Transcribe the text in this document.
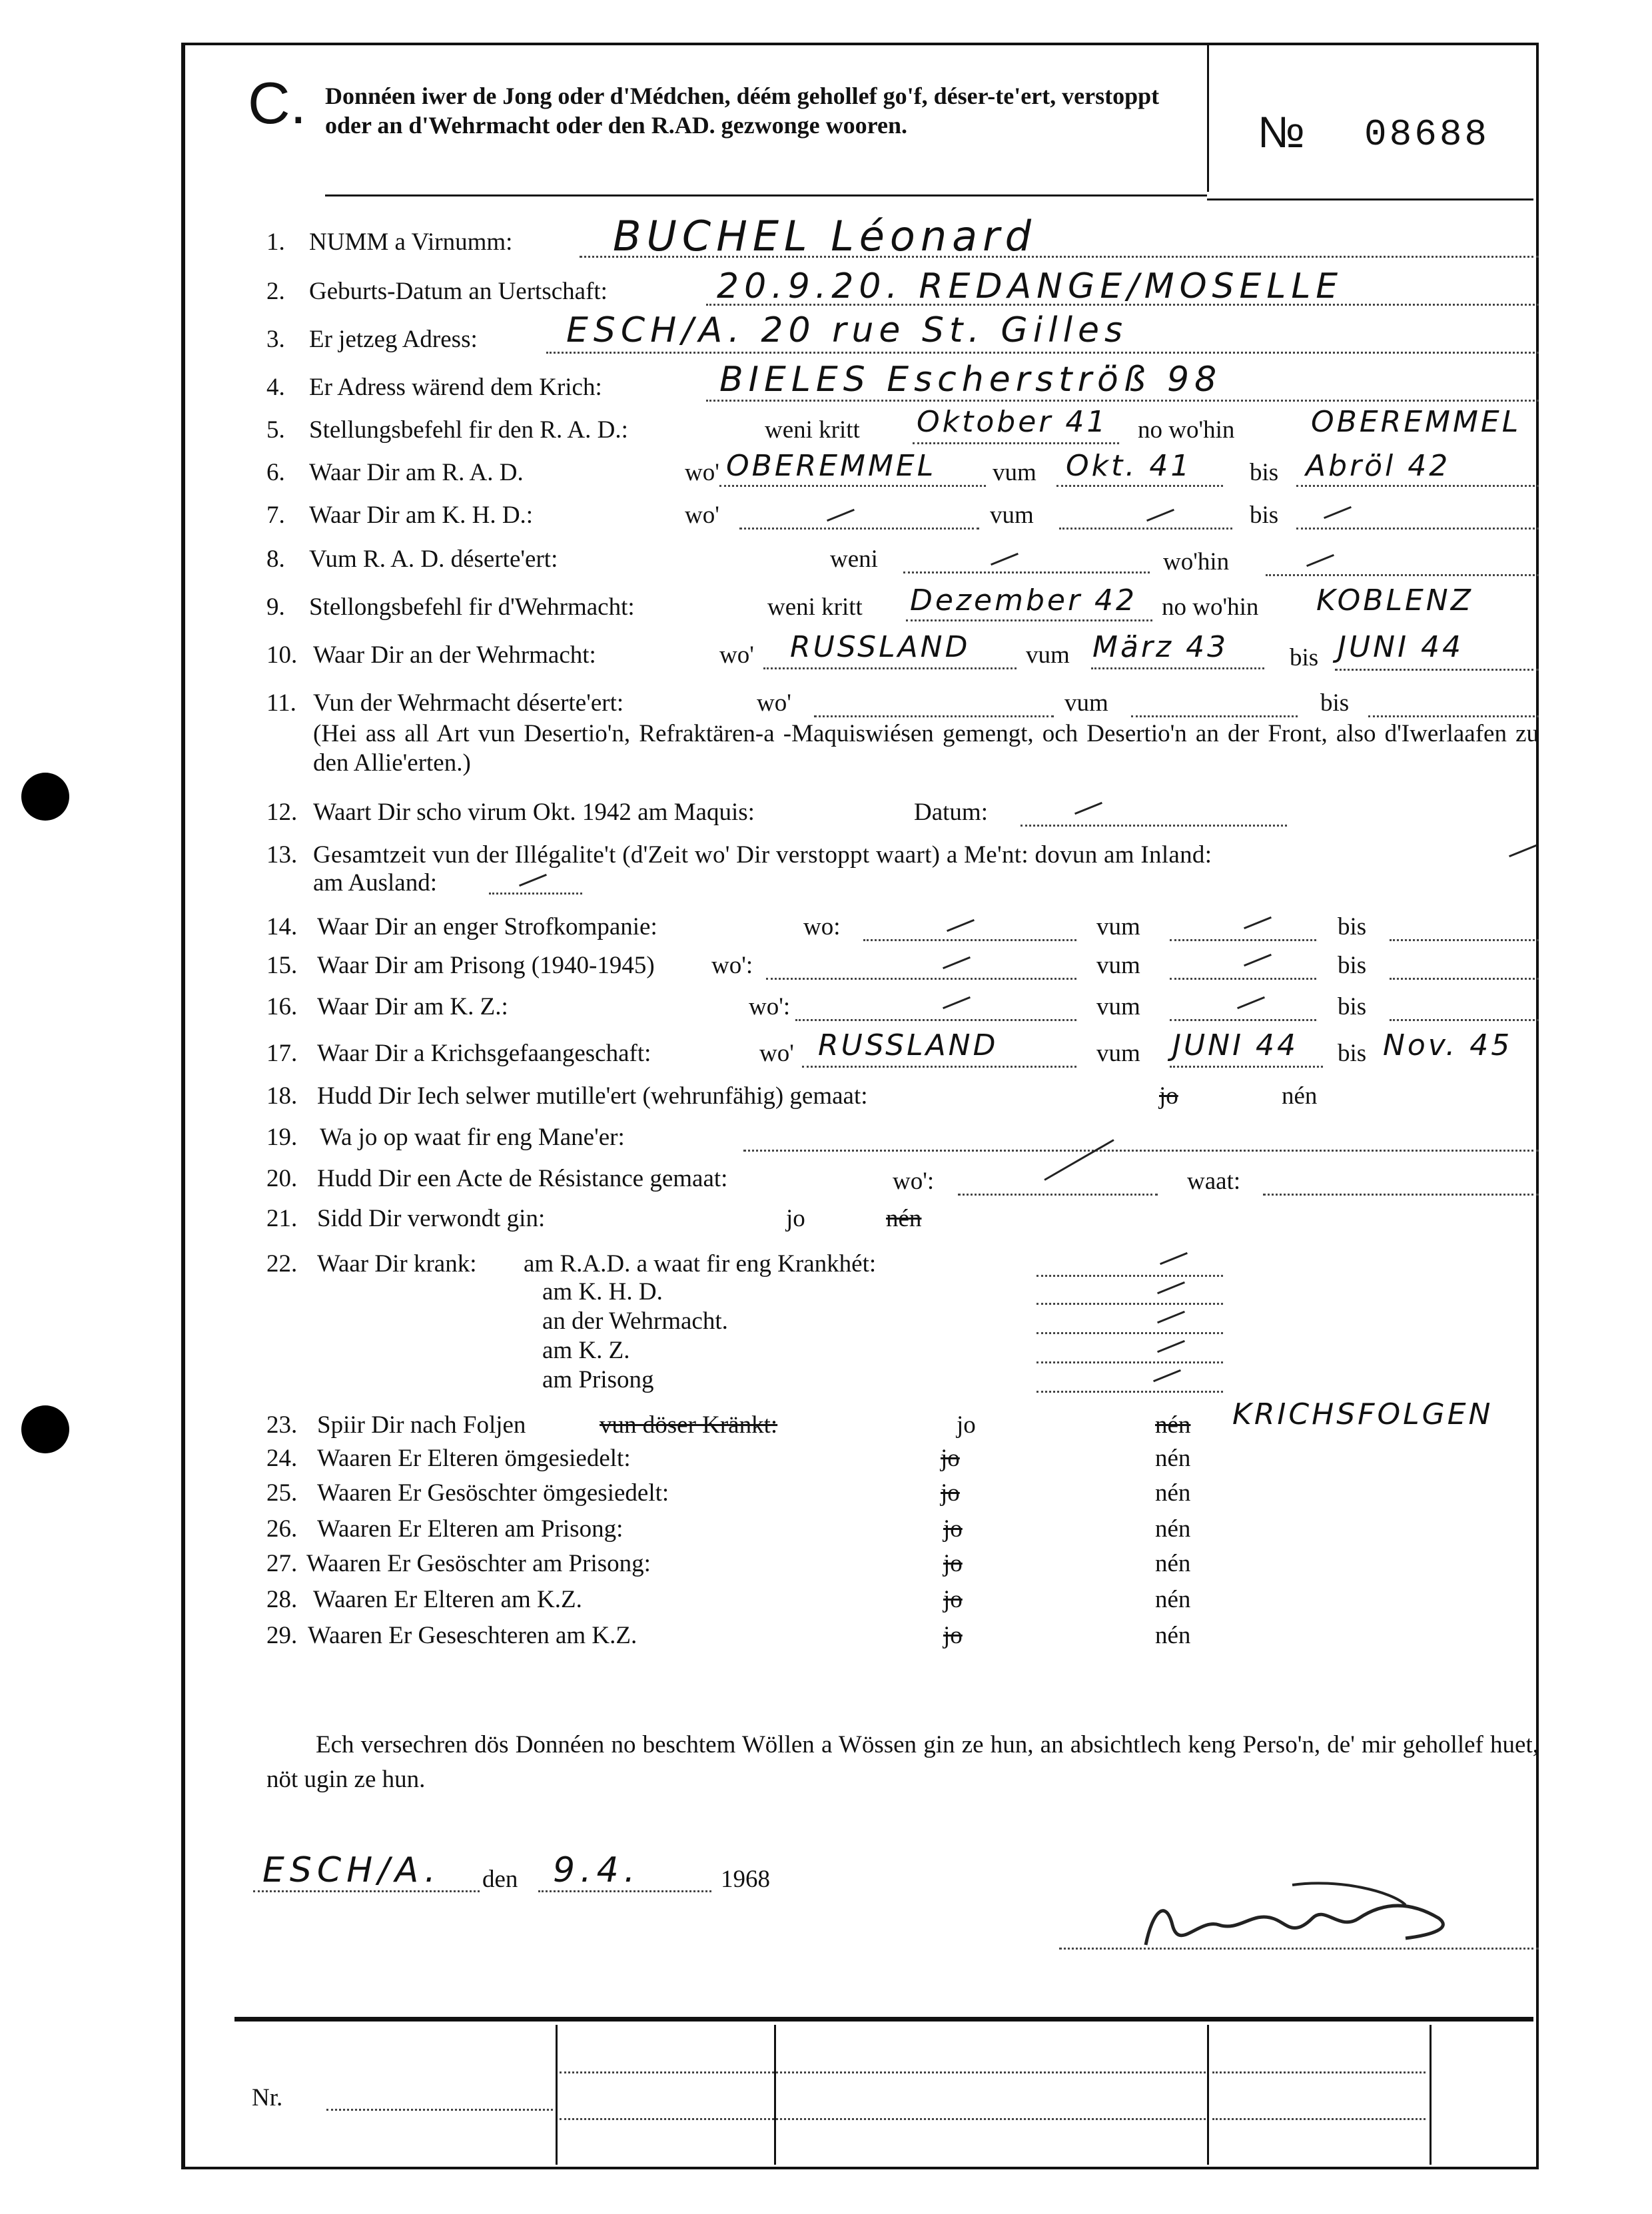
C. Donnéen iwer de Jong oder d'Médchen, déém gehollef go'f, déser-te'ert, verstoppt oder an d'Wehrmacht oder den R.AD. gezwonge wooren.	№ 08688
1. NUMM a Virnumm: BUCHEL Léonard
2. Geburts-Datum an Uertschaft:	20.9.20. REDANGE/MOSELLE
3. Er jetzeg Adress:	ESCH/A. 20 rue St. Gilles
4. Er Adress wärend dem Krich:	BIELES Escherströß 98
5. Stellungsbefehl fir den R. A. D.:	weni kritt Oktober 41 no wo'hin	OBEREMMEL
6. Waar Dir am R. A. D.	wo' OBEREMMEL vum Okt. 41 bis Abröl 42
7. Waar Dir am K. H. D.:	wo'	vum	bis
8. Vum R. A. D. déserte'ert:	weni	wo'hin
9. Stellongsbefehl fir d'Wehrmacht:	weni kritt Dezember 42 no wo'hin KOBLENZ
10. Waar Dir an der Wehrmacht:	wo' RUSSLAND vum März 43 bis JUNI 44
11. Vun der Wehrmacht déserte'ert:	wo'	vum	bis
(Hei ass all Art vun Desertio'n, Refraktären-a -Maquiswiésen gemengt, och Desertio'n an der Front, also d'Iwerlaafen zu den Allie'erten.)
12. Waart Dir scho virum Okt. 1942 am Maquis:	Datum:
13. Gesamtzeit vun der Illégalite't (d'Zeit wo' Dir verstoppt waart) a Me'nt: dovun am Inland:
am Ausland:
14. Waar Dir an enger Strofkompanie:	wo:	vum	bis
15. Waar Dir am Prisong (1940-1945) wo':	vum	bis
16. Waar Dir am K. Z.:	wo':	vum	bis
17. Waar Dir a Krichsgefaangeschaft:	wo' RUSSLAND	vum JUNI 44 bis Nov. 45
18. Hudd Dir Iech selwer mutille'ert (wehrunfähig) gemaat:	jo	nén
19. Wa jo op waat fir eng Mane'er:
20. Hudd Dir een Acte de Résistance gemaat:	wo':	waat:
21. Sidd Dir verwondt gin:	jo	nén
22. Waar Dir krank: am R.A.D. a waat fir eng Krankhét:
am K. H. D.
an der Wehrmacht.
am K. Z.
am Prisong
23. Spiir Dir nach Foljen	vun döser Kränkt:	jo	nén KRICHSFOLGEN
24. Waaren Er Elteren ömgesiedelt:	jo	nén
25. Waaren Er Gesöschter ömgesiedelt:	jo	nén
26. Waaren Er Elteren am Prisong:	jo	nén
27. Waaren Er Gesöschter am Prisong:	jo	nén
28. Waaren Er Elteren am K.Z.	jo	nén
29. Waaren Er Geseschteren am K.Z.	jo	nén
Ech versechren dös Donnéen no beschtem Wöllen a Wössen gin ze hun, an absichtlech keng Perso'n, de' mir gehollef huet, nöt ugin ze hun.
ESCH/A. den 9.4.	1968
Nr.
